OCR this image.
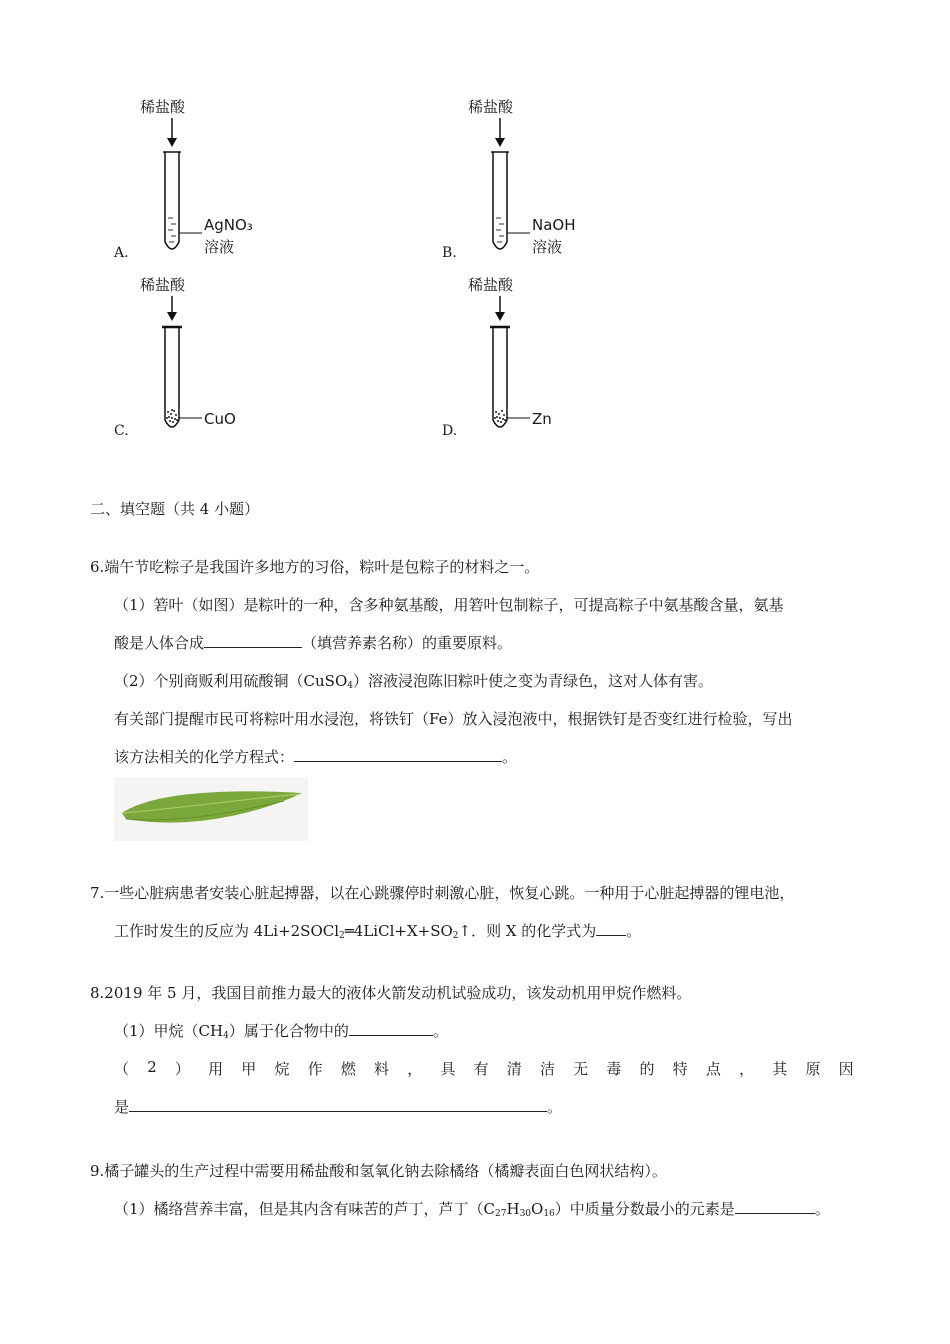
稀盐酸
AgNO₃
溶液
A.
稀盐酸
NaOH
溶液
B.
稀盐酸
CuO
C.
稀盐酸
Zn
D.
二、填空题（共 4 小题）
6.端午节吃粽子是我国许多地方的习俗，粽叶是包粽子的材料之一。
（1）箬叶（如图）是粽叶的一种，含多种氨基酸，用箬叶包制粽子，可提高粽子中氨基酸含量，氨基
酸是人体合成	（填营养素名称）的重要原料。
（2）个别商贩利用硫酸铜（CuSO$_4$）溶液浸泡陈旧粽叶使之变为青绿色，这对人体有害。
有关部门提醒市民可将粽叶用水浸泡，将铁钉（Fe）放入浸泡液中，根据铁钉是否变红进行检验，写出
该方法相关的化学方程式：	。
7.一些心脏病患者安装心脏起搏器，以在心跳骤停时刺激心脏，恢复心跳。一种用于心脏起搏器的锂电池，
工作时发生的反应为 $4Li+2SOCl_2═4LiCl+X+SO_2↑$．则 X 的化学式为 。
8.2019 年 5 月，我国目前推力最大的液体火箭发动机试验成功，该发动机用甲烷作燃料。
（1）甲烷$(CH_4)$属于化合物中的	。
（ 2 ） 用 甲 烷 作 燃 料 ， 具 有 清 洁 无 毒 的 特 点 ， 其 原 因
是	。
9.橘子罐头的生产过程中需要用稀盐酸和氢氧化钠去除橘络（橘瓣表面白色网状结构）。
（1）橘络营养丰富，但是其内含有味苦的芦丁，芦丁$(C_{27}H_{30}O_{16})$中质量分数最小的元素是	。
